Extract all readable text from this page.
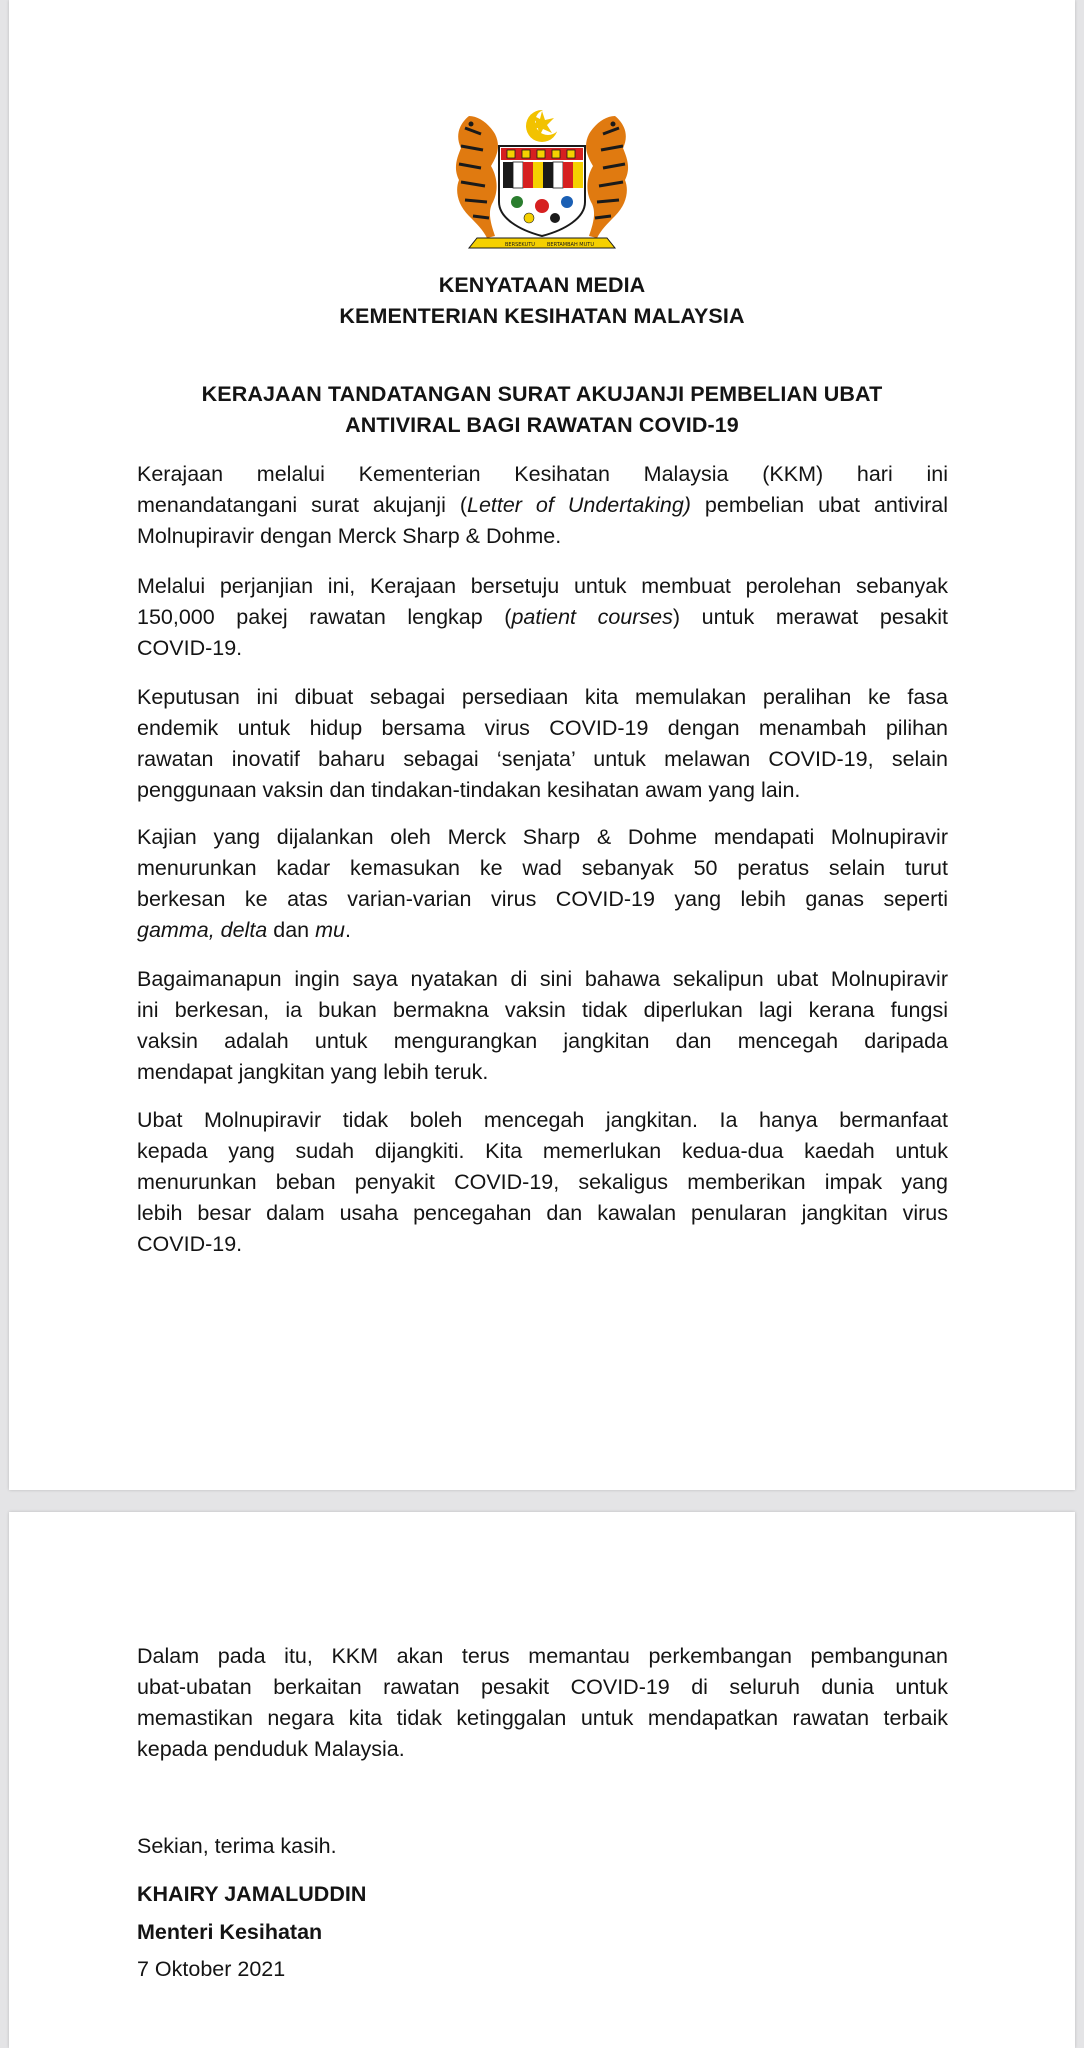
BERSEKUTU BERTAMBAH MUTU
KENYATAAN MEDIA
KEMENTERIAN KESIHATAN MALAYSIA
KERAJAAN TANDATANGAN SURAT AKUJANJI PEMBELIAN UBAT
ANTIVIRAL BAGI RAWATAN COVID-19
Kerajaan melalui Kementerian Kesihatan Malaysia (KKM) hari ini
menandatangani surat akujanji (Letter of Undertaking) pembelian ubat antiviral
Molnupiravir dengan Merck Sharp & Dohme.
Melalui perjanjian ini, Kerajaan bersetuju untuk membuat perolehan sebanyak
150,000 pakej rawatan lengkap (patient courses) untuk merawat pesakit
COVID-19.
Keputusan ini dibuat sebagai persediaan kita memulakan peralihan ke fasa
endemik untuk hidup bersama virus COVID-19 dengan menambah pilihan
rawatan inovatif baharu sebagai ‘senjata’ untuk melawan COVID-19, selain
penggunaan vaksin dan tindakan-tindakan kesihatan awam yang lain.
Kajian yang dijalankan oleh Merck Sharp & Dohme mendapati Molnupiravir
menurunkan kadar kemasukan ke wad sebanyak 50 peratus selain turut
berkesan ke atas varian-varian virus COVID-19 yang lebih ganas seperti
gamma, delta dan mu.
Bagaimanapun ingin saya nyatakan di sini bahawa sekalipun ubat Molnupiravir
ini berkesan, ia bukan bermakna vaksin tidak diperlukan lagi kerana fungsi
vaksin adalah untuk mengurangkan jangkitan dan mencegah daripada
mendapat jangkitan yang lebih teruk.
Ubat Molnupiravir tidak boleh mencegah jangkitan. Ia hanya bermanfaat
kepada yang sudah dijangkiti. Kita memerlukan kedua-dua kaedah untuk
menurunkan beban penyakit COVID-19, sekaligus memberikan impak yang
lebih besar dalam usaha pencegahan dan kawalan penularan jangkitan virus
COVID-19.
Dalam pada itu, KKM akan terus memantau perkembangan pembangunan
ubat-ubatan berkaitan rawatan pesakit COVID-19 di seluruh dunia untuk
memastikan negara kita tidak ketinggalan untuk mendapatkan rawatan terbaik
kepada penduduk Malaysia.
Sekian, terima kasih.
KHAIRY JAMALUDDIN
Menteri Kesihatan
7 Oktober 2021
